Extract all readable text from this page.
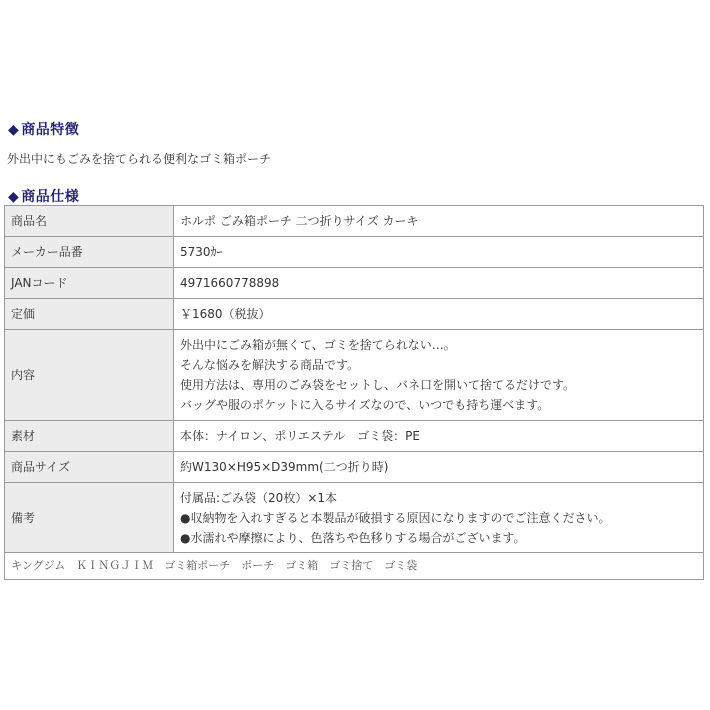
◆ 商品特徴
外出中にもごみを捨てられる便利なゴミ箱ポーチ
◆ 商品仕様
商品名	ホルポ ごみ箱ポーチ 二つ折りサイズ カーキ
メーカー品番	5730ｶｰ
JANコード	4971660778898
定価	￥1680（税抜）
内容	外出中にごみ箱が無くて、ゴミを捨てられない…。
そんな悩みを解決する商品です。
使用方法は、専用のごみ袋をセットし、バネ口を開いて捨てるだけです。
バッグや服のポケットに入るサイズなので、いつでも持ち運べます。

素材	本体：ナイロン、ポリエステル　ゴミ袋：PE
商品サイズ	約W130×H95×D39mm(二つ折り時)
備考	付属品:ごみ袋（20枚）×1本
●収納物を入れすぎると本製品が破損する原因になりますのでご注意ください。
●水濡れや摩擦により、色落ちや色移りする場合がございます。

キングジム　ＫＩＮＧＪＩＭ　ゴミ箱ポーチ　ポーチ　ゴミ箱　ゴミ捨て　ゴミ袋	
